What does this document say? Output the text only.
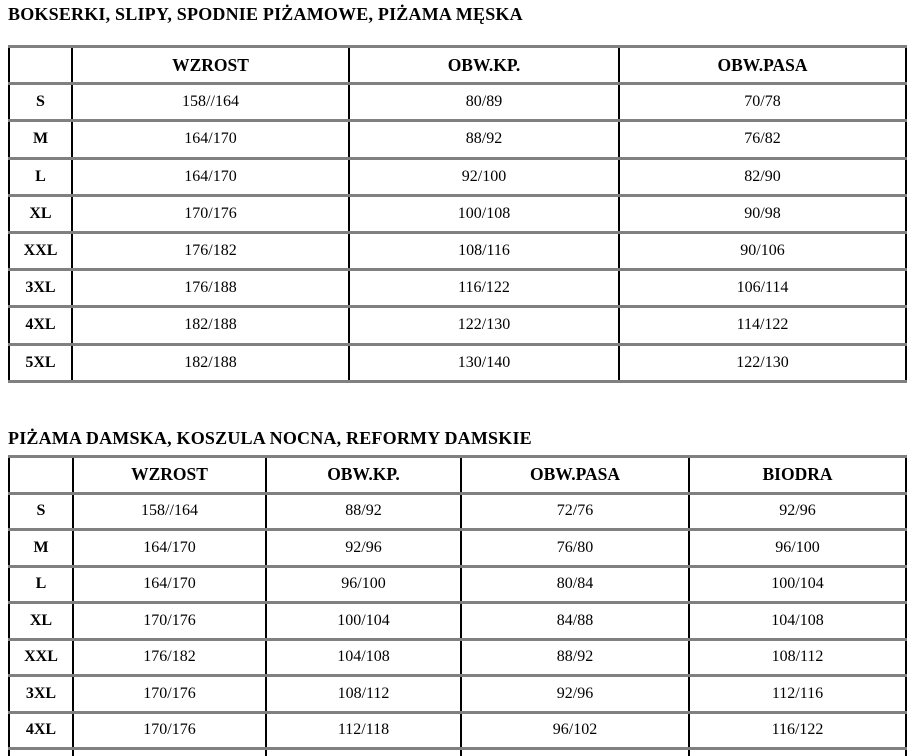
BOKSERKI, SLIPY, SPODNIE PIŻAMOWE, PIŻAMA MĘSKA
	WZROST	OBW.KP.	OBW.PASA
S	158//164	80/89	70/78
M	164/170	88/92	76/82
L	164/170	92/100	82/90
XL	170/176	100/108	90/98
XXL	176/182	108/116	90/106
3XL	176/188	116/122	106/114
4XL	182/188	122/130	114/122
5XL	182/188	130/140	122/130
PIŻAMA DAMSKA, KOSZULA NOCNA, REFORMY DAMSKIE
	WZROST	OBW.KP.	OBW.PASA	BIODRA
S	158//164	88/92	72/76	92/96
M	164/170	92/96	76/80	96/100
L	164/170	96/100	80/84	100/104
XL	170/176	100/104	84/88	104/108
XXL	176/182	104/108	88/92	108/112
3XL	170/176	108/112	92/96	112/116
4XL	170/176	112/118	96/102	116/122
